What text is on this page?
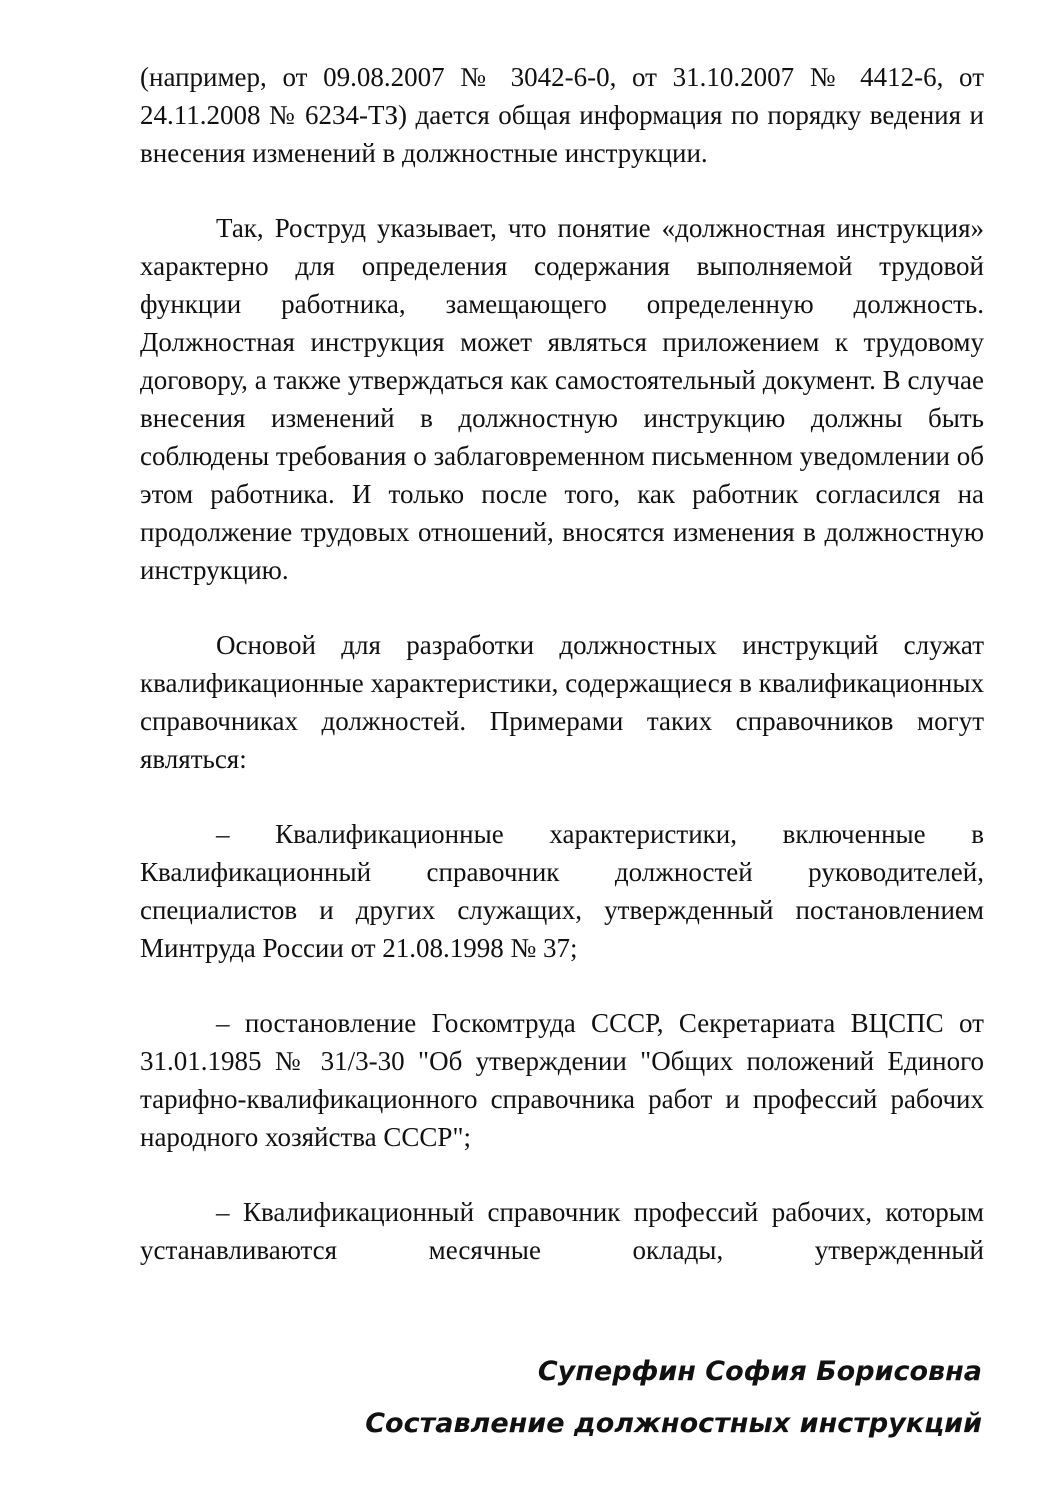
(например, от 09.08.2007 № 3042-6-0, от 31.10.2007 № 4412-6, от 24.11.2008 № 6234-ТЗ) дается общая информация по порядку ведения и внесения изменений в должностные инструкции.

Так, Роструд указывает, что понятие «должностная инструкция» характерно для определения содержания выполняемой трудовой функции работника, замещающего определенную должность. Должностная инструкция может являться приложением к трудовому договору, а также утверждаться как самостоятельный документ. В случае внесения изменений в должностную инструкцию должны быть соблюдены требования о заблаговременном письменном уведомлении об этом работника. И только после того, как работник согласился на продолжение трудовых отношений, вносятся изменения в должностную инструкцию.

Основой для разработки должностных инструкций служат квалификационные характеристики, содержащиеся в квалификационных справочниках должностей. Примерами таких справочников могут являться:

– Квалификационные характеристики, включенные в Квалификационный справочник должностей руководителей, специалистов и других служащих, утвержденный постановлением Минтруда России от 21.08.1998 № 37;

– постановление Госкомтруда СССР, Секретариата ВЦСПС от 31.01.1985 № 31/3-30 "Об утверждении "Общих положений Единого тарифно-квалификационного справочника работ и профессий рабочих народного хозяйства СССР";

– Квалификационный справочник профессий рабочих, которым устанавливаются месячные оклады, утвержденный

Суперфин София Борисовна
Составление должностных инструкций
